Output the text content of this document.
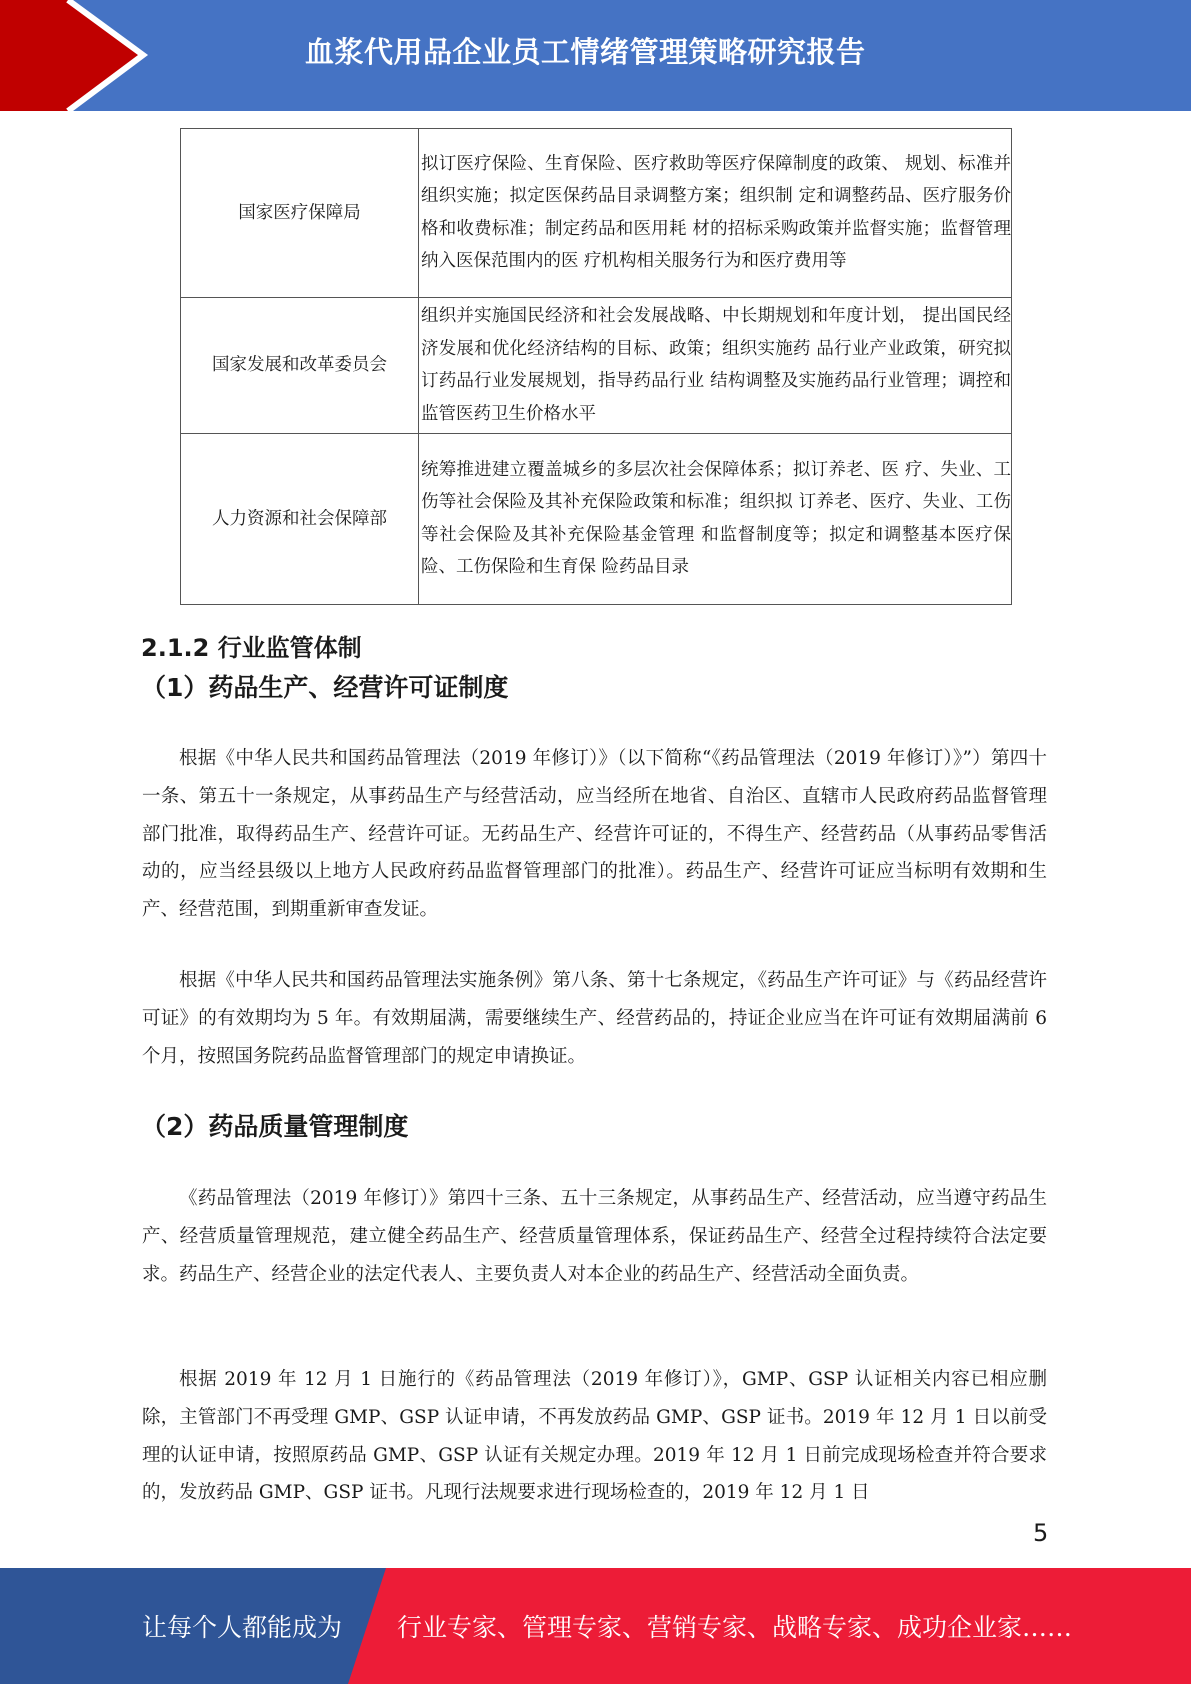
血浆代用品企业员工情绪管理策略研究报告
国家医疗保障局	拟订医疗保险、生育保险、医疗救助等医疗保障制度的政策、 规划、标准并组织实施；拟定医保药品目录调整方案；组织制 定和调整药品、医疗服务价格和收费标准；制定药品和医用耗 材的招标采购政策并监督实施；监督管理纳入医保范围内的医 疗机构相关服务行为和医疗费用等
国家发展和改革委员会	组织并实施国民经济和社会发展战略、中长期规划和年度计划， 提出国民经济发展和优化经济结构的目标、政策；组织实施药 品行业产业政策，研究拟订药品行业发展规划，指导药品行业 结构调整及实施药品行业管理；调控和监管医药卫生价格水平
人力资源和社会保障部	统筹推进建立覆盖城乡的多层次社会保障体系；拟订养老、医 疗、失业、工伤等社会保险及其补充保险政策和标准；组织拟 订养老、医疗、失业、工伤等社会保险及其补充保险基金管理 和监督制度等；拟定和调整基本医疗保险、工伤保险和生育保 险药品目录
2.1.2 行业监管体制
（1）药品生产、经营许可证制度

根据《中华人民共和国药品管理法（2019 年修订）》（以下简称“《药品管理法（2019 年修订）》”）第四十一条、第五十一条规定，从事药品生产与经营活动，应当经所在地省、自治区、直辖市人民政府药品监督管理部门批准，取得药品生产、经营许可证。无药品生产、经营许可证的，不得生产、经营药品（从事药品零售活动的，应当经县级以上地方人民政府药品监督管理部门的批准）。药品生产、经营许可证应当标明有效期和生产、经营范围，到期重新审查发证。

根据《中华人民共和国药品管理法实施条例》第八条、第十七条规定，《药品生产许可证》与《药品经营许可证》的有效期均为 5 年。有效期届满，需要继续生产、经营药品的，持证企业应当在许可证有效期届满前 6 个月，按照国务院药品监督管理部门的规定申请换证。

（2）药品质量管理制度

《药品管理法（2019 年修订）》第四十三条、五十三条规定，从事药品生产、经营活动，应当遵守药品生产、经营质量管理规范，建立健全药品生产、经营质量管理体系，保证药品生产、经营全过程持续符合法定要求。药品生产、经营企业的法定代表人、主要负责人对本企业的药品生产、经营活动全面负责。

根据 2019 年 12 月 1 日施行的《药品管理法（2019 年修订）》，GMP、GSP 认证相关内容已相应删除，主管部门不再受理 GMP、GSP 认证申请，不再发放药品 GMP、GSP 证书。2019 年 12 月 1 日以前受理的认证申请，按照原药品 GMP、GSP 认证有关规定办理。2019 年 12 月 1 日前完成现场检查并符合要求的，发放药品 GMP、GSP 证书。凡现行法规要求进行现场检查的，2019 年 12 月 1 日

5
让每个人都能成为 行业专家、管理专家、营销专家、战略专家、成功企业家……
